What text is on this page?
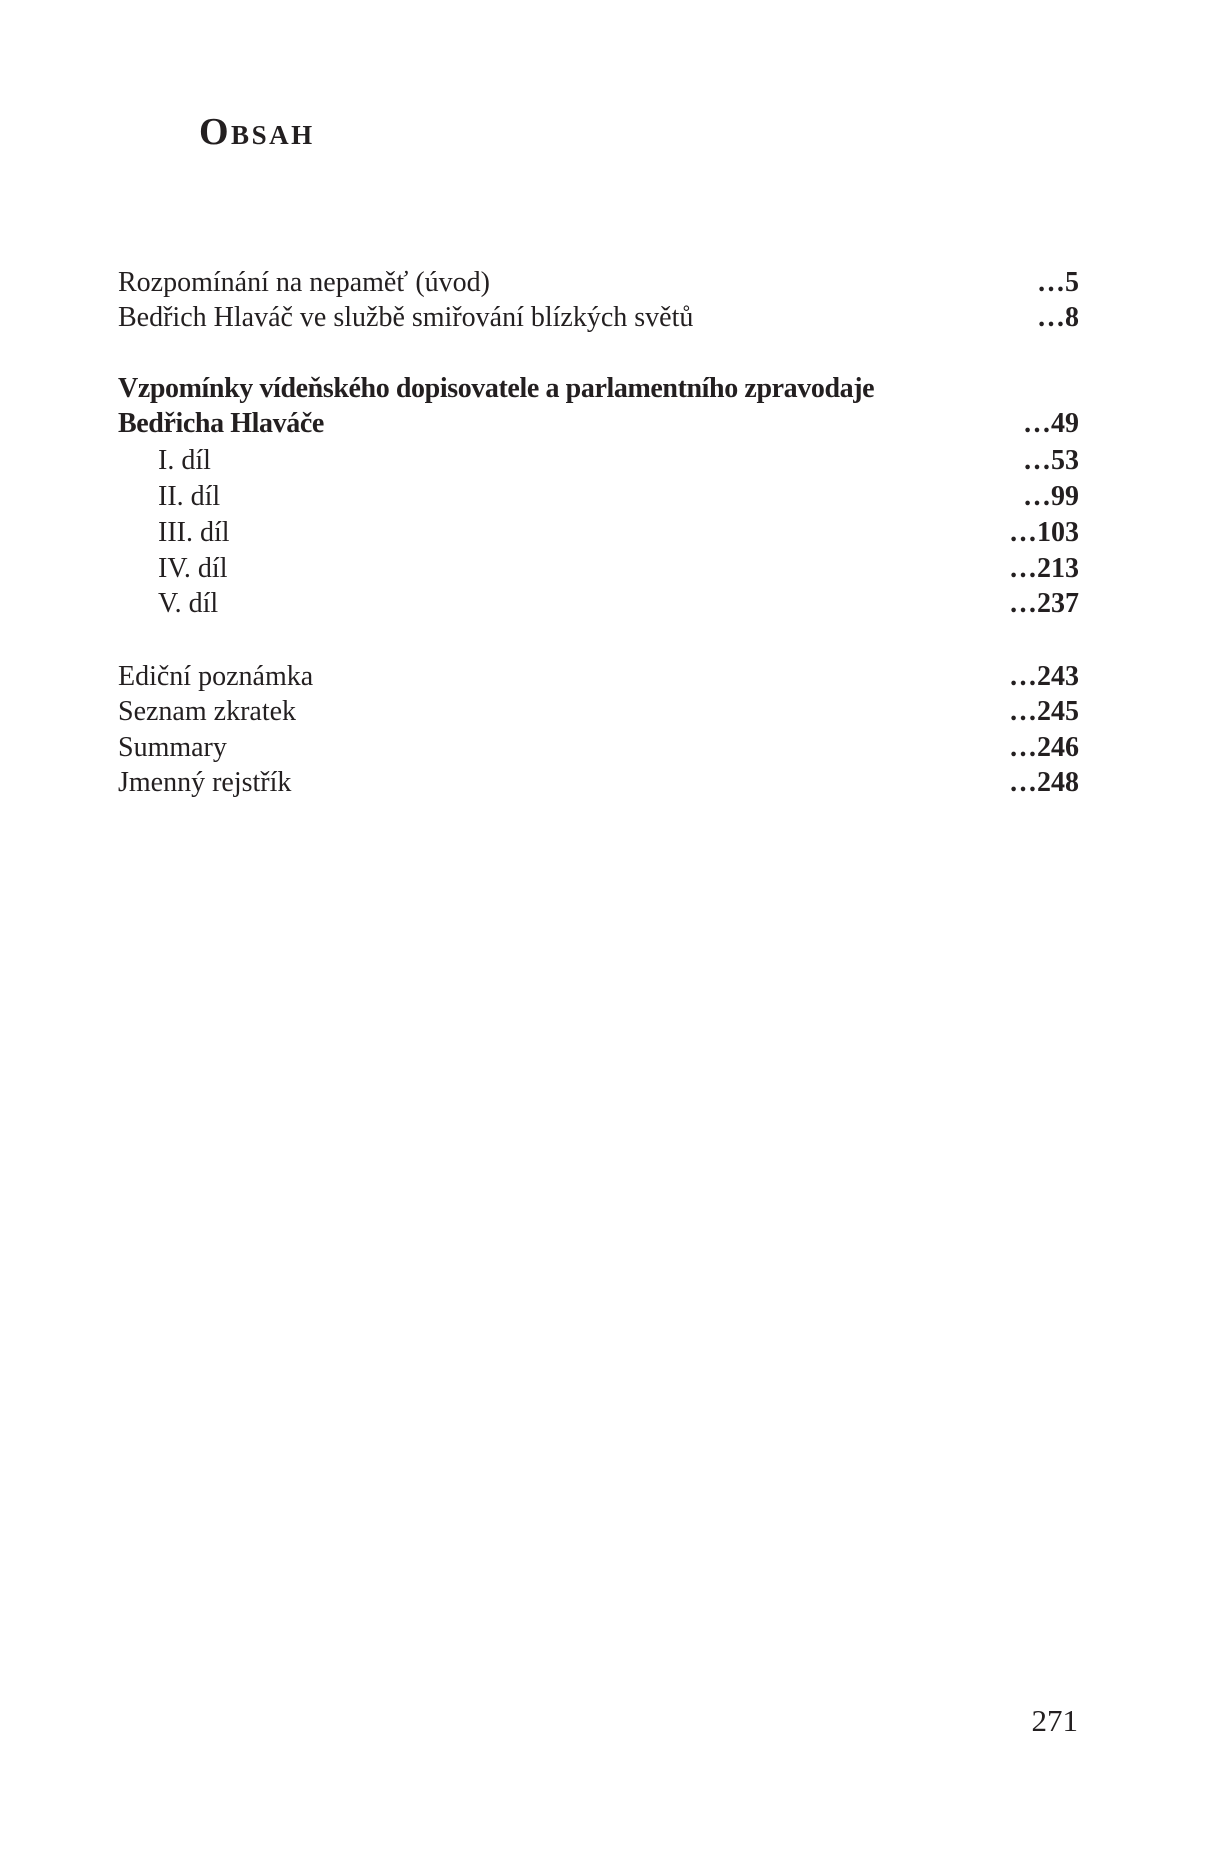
Obsah
Rozpomínání na nepaměť (úvod)	…5
Bedřich Hlaváč ve službě smiřování blízkých světů	…8
Vzpomínky vídeňského dopisovatele a parlamentního zpravodaje
Bedřicha Hlaváče	…49
I. díl	…53
II. díl	…99
III. díl	…103
IV. díl	…213
V. díl	…237
Ediční poznámka	…243
Seznam zkratek	…245
Summary	…246
Jmenný rejstřík	…248
271
